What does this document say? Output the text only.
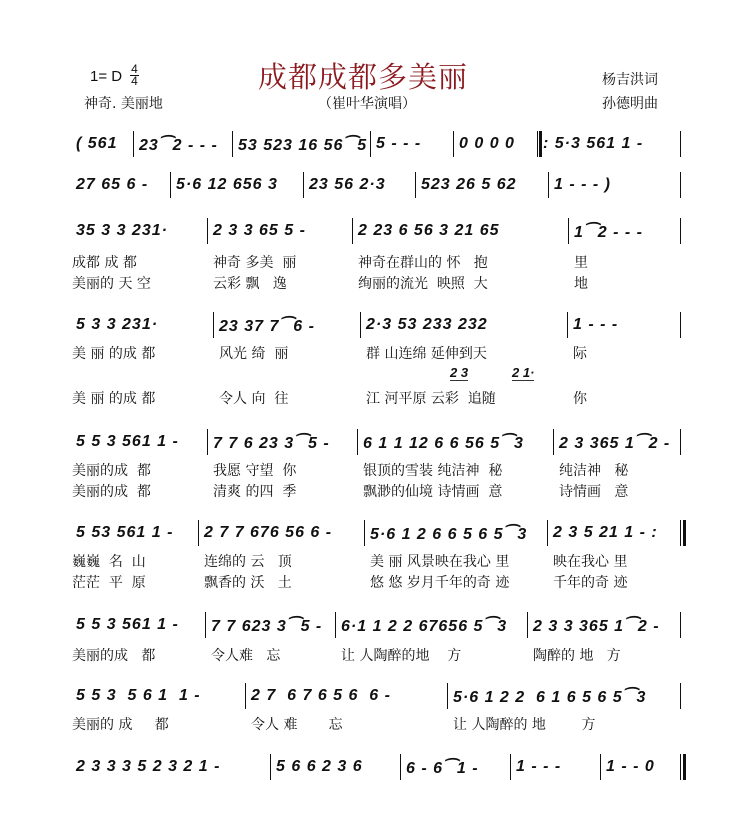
1= D 4
4	成都成都多美丽
神奇. 美丽地	（崔叶华演唱）
杨吉洪词
孙德明曲
( 561	23⁀2 - - -	53 523 16 56⁀5 5 - - -	0 0 0 0	: 5·3 561 1 -
27 65 6 -	5·6 12 656 3	23 56 2·3	523 26 5 62	1 - - - )
35 3 3 231·	2 3 3 65 5 -	2 23 6 56 3 21 65	1⁀2 - - -
成都 成 都	神奇 多美  丽	神奇在群山的 怀   抱	里
美丽的 天 空	云彩 飘   逸	绚丽的流光  映照  大	地
5 3 3 231·	23 37 7⁀6 -	2·3 53 233 232	1 - - -
美 丽 的成 都	风光 绮  丽	群 山连绵 延伸到天	际
2 3	2 1·
美 丽 的成 都	令人 向  往	江 河平原 云彩  追随	你
5 5 3 561 1 -	7 7 6 23 3⁀5 -	6 1 1 12 6 6 56 5⁀3	2 3 365 1⁀2 -
美丽的成  都	我愿 守望  你	银顶的雪装 纯洁神  秘	纯洁神   秘
美丽的成  都	清爽 的四  季	飘渺的仙境 诗情画  意	诗情画   意
5 53 561 1 -	2 7 7 676 56 6 -	5·6 1 2 6 6 5 6 5⁀3	2 3 5 21 1 - :
巍巍  名  山	连绵的 云   顶	美 丽 风景映在我心 里	映在我心 里
茫茫  平  原	飘香的 沃   土	悠 悠 岁月千年的奇 迹	千年的奇 迹
5 5 3 561 1 -	7 7 623 3⁀5 -	6·1 1 2 2 67656 5⁀3	2 3 3 365 1⁀2 -
美丽的成   都	令人难   忘	让 人陶醉的地    方	陶醉的 地   方
5 5 3  5 6 1  1 -	2 7  6 7 6 5 6  6 -	5·6 1 2 2  6 1 6 5 6 5⁀3
美丽的 成     都	令人 难       忘	让 人陶醉的 地        方
2 3 3 3 5 2 3 2 1 -	5 6 6 2 3 6	6 - 6⁀1 -	1 - - -	1 - - 0
